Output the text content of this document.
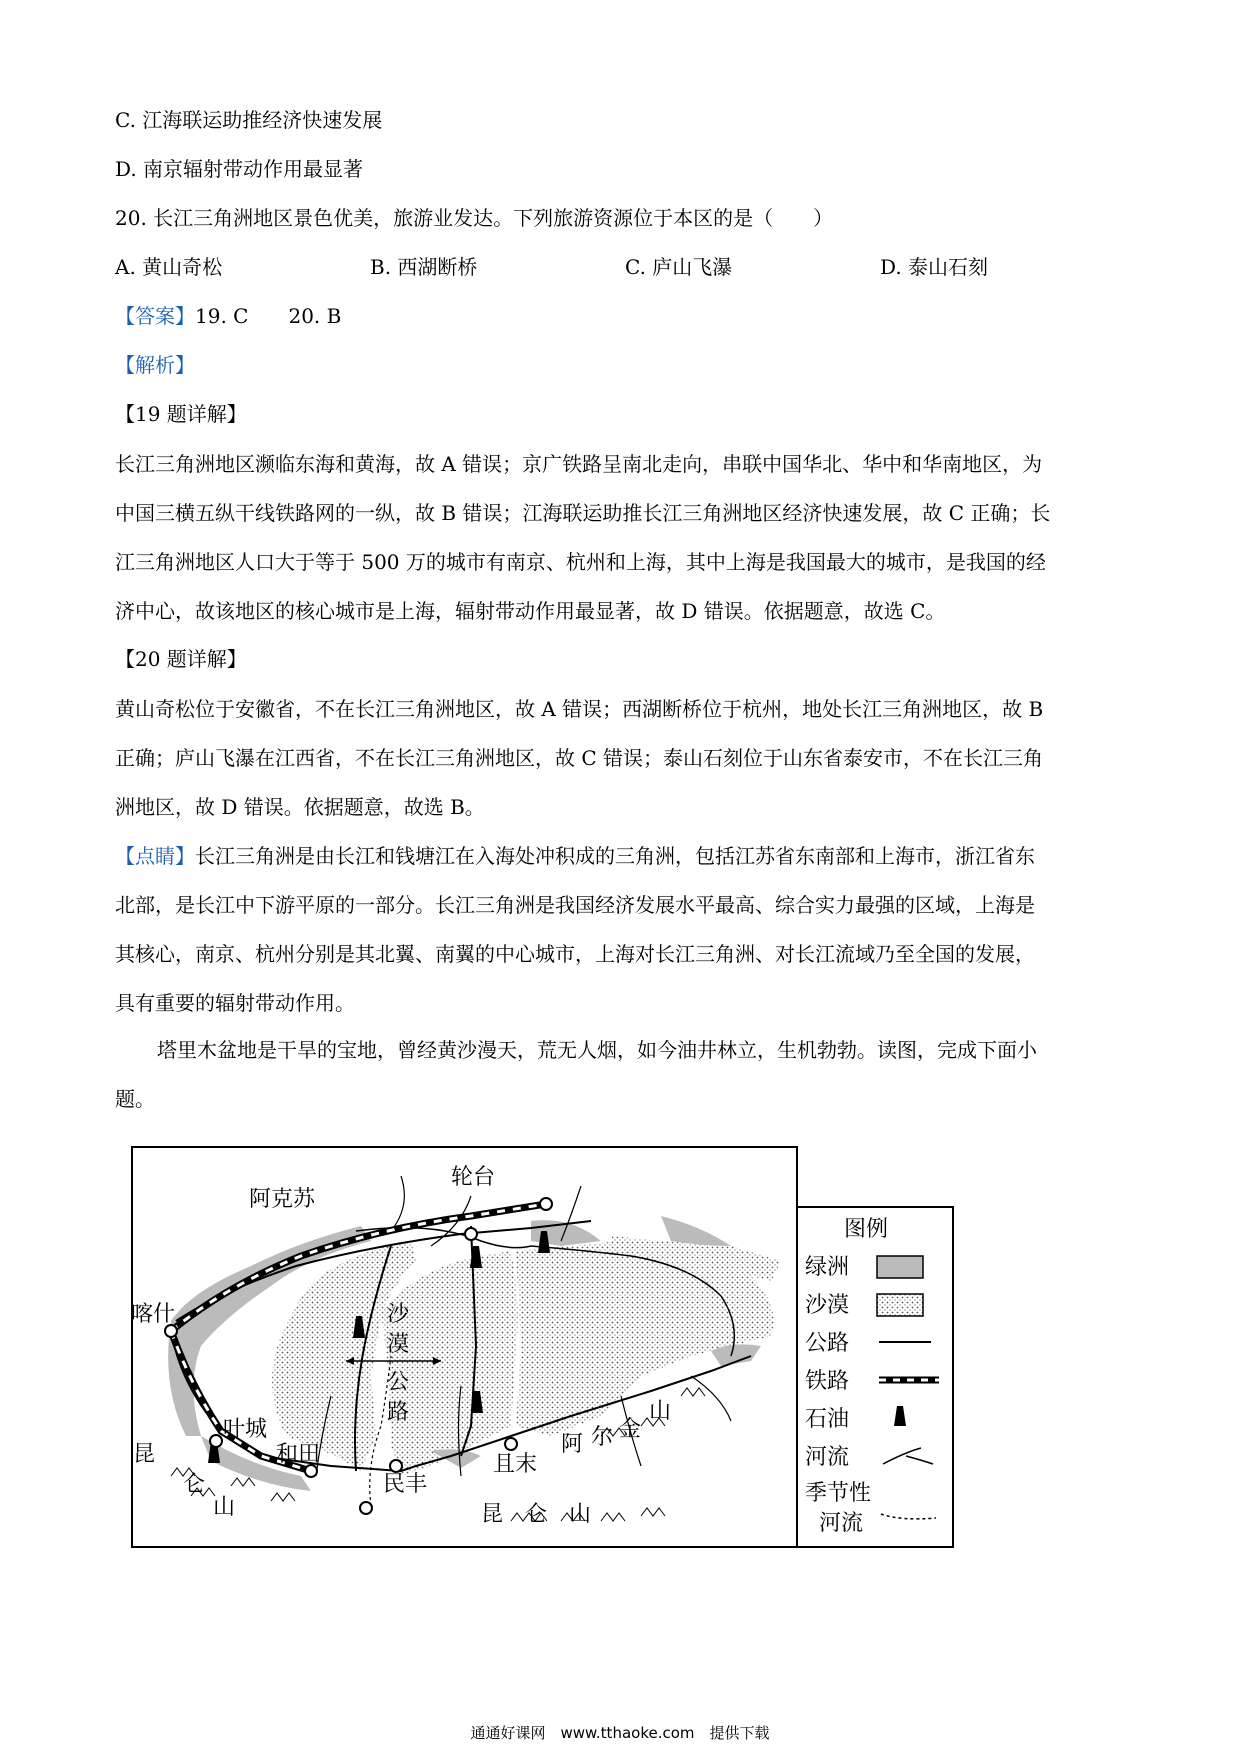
C. 江海联运助推经济快速发展
D. 南京辐射带动作用最显著
20. 长江三角洲地区景色优美，旅游业发达。下列旅游资源位于本区的是（　　）
A. 黄山奇松	B. 西湖断桥	C. 庐山飞瀑	D. 泰山石刻
【答案】19. C　　20. B
【解析】
【19 题详解】

长江三角洲地区濒临东海和黄海，故 A 错误；京广铁路呈南北走向，串联中国华北、华中和华南地区，为

中国三横五纵干线铁路网的一纵，故 B 错误；江海联运助推长江三角洲地区经济快速发展，故 C 正确；长

江三角洲地区人口大于等于 500 万的城市有南京、杭州和上海，其中上海是我国最大的城市，是我国的经

济中心，故该地区的核心城市是上海，辐射带动作用最显著，故 D 错误。依据题意，故选 C。

【20 题详解】

黄山奇松位于安徽省，不在长江三角洲地区，故 A 错误；西湖断桥位于杭州，地处长江三角洲地区，故 B

正确；庐山飞瀑在江西省，不在长江三角洲地区，故 C 错误；泰山石刻位于山东省泰安市，不在长江三角

洲地区，故 D 错误。依据题意，故选 B。

【点睛】长江三角洲是由长江和钱塘江在入海处冲积成的三角洲，包括江苏省东南部和上海市，浙江省东

北部，是长江中下游平原的一部分。长江三角洲是我国经济发展水平最高、综合实力最强的区域，上海是

其核心，南京、杭州分别是其北翼、南翼的中心城市，上海对长江三角洲、对长江流域乃至全国的发展，

具有重要的辐射带动作用。

塔里木盆地是干旱的宝地，曾经黄沙漫天，荒无人烟，如今油井林立，生机勃勃。读图，完成下面小
题。
阿克苏
轮台
喀什
叶城
和田
民丰
且末
沙
漠
公
路
昆
仑
山	昆　仑　山
阿 尔 金
山
图例
绿洲
沙漠
公路
铁路
石油
河流
季节性
河流
通通好课网　www.tthaoke.com　提供下载
